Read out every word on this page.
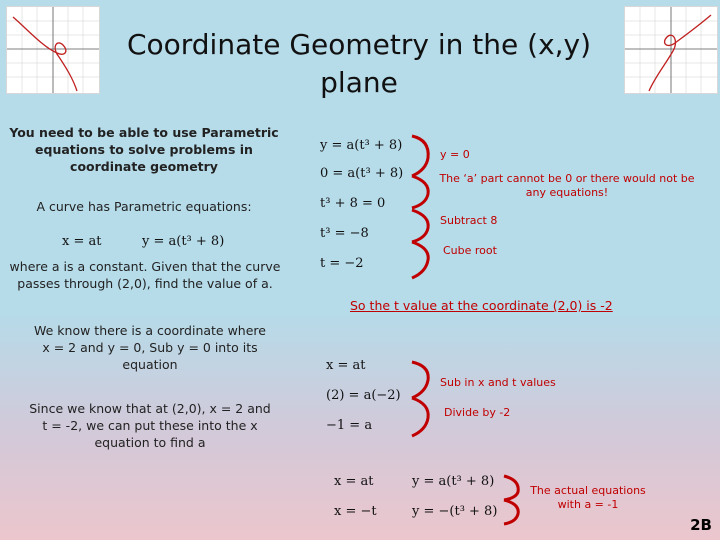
Coordinate Geometry in the (x,y) plane
You need to be able to use Parametric equations to solve problems in coordinate geometry
A curve has Parametric equations:
x = at	y = a(t³ + 8)
where a is a constant. Given that the curve passes through (2,0), find the value of a.
We know there is a coordinate where x = 2 and y = 0, Sub y = 0 into its equation
Since we know that at (2,0), x = 2 and t = -2, we can put these into the x equation to find a
y = a(t³ + 8)
0 = a(t³ + 8)
t³ + 8 = 0
t³ = −8
t = −2
y = 0
The ‘a’ part cannot be 0 or there would not be any equations!
Subtract 8
Cube root
So the t value at the coordinate (2,0) is -2
x = at
(2) = a(−2)
−1 = a
Sub in x and t values
Divide by -2
x = at
x = −t
y = a(t³ + 8)
y = −(t³ + 8)
The actual equations with a = -1
2B
